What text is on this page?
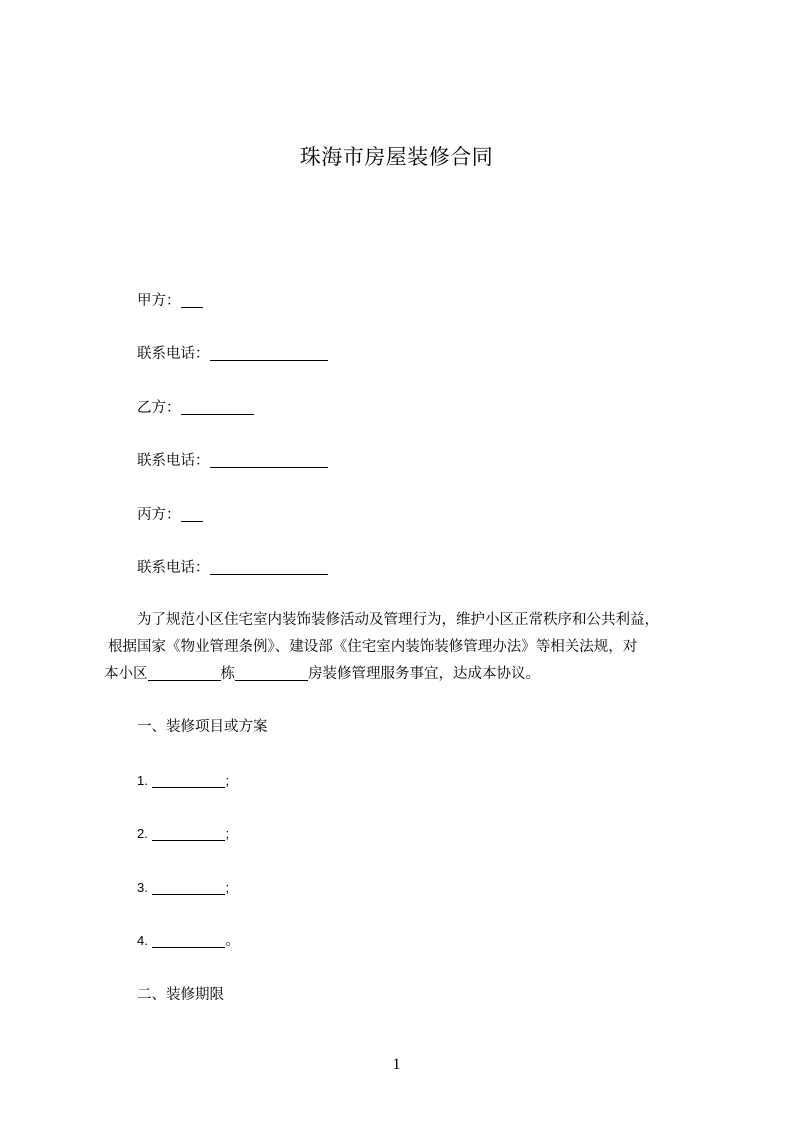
珠海市房屋装修合同
甲方：
联系电话：
乙方：
联系电话：
丙方：
联系电话：
为了规范小区住宅室内装饰装修活动及管理行为，维护小区正常秩序和公共利益，
根据国家《物业管理条例》、建设部《住宅室内装饰装修管理办法》等相关法规，对
本小区	栋	房装修管理服务事宜，达成本协议。
一、装修项目或方案
1.	;
2.	;
3.	;
4.	。
二、装修期限
1
